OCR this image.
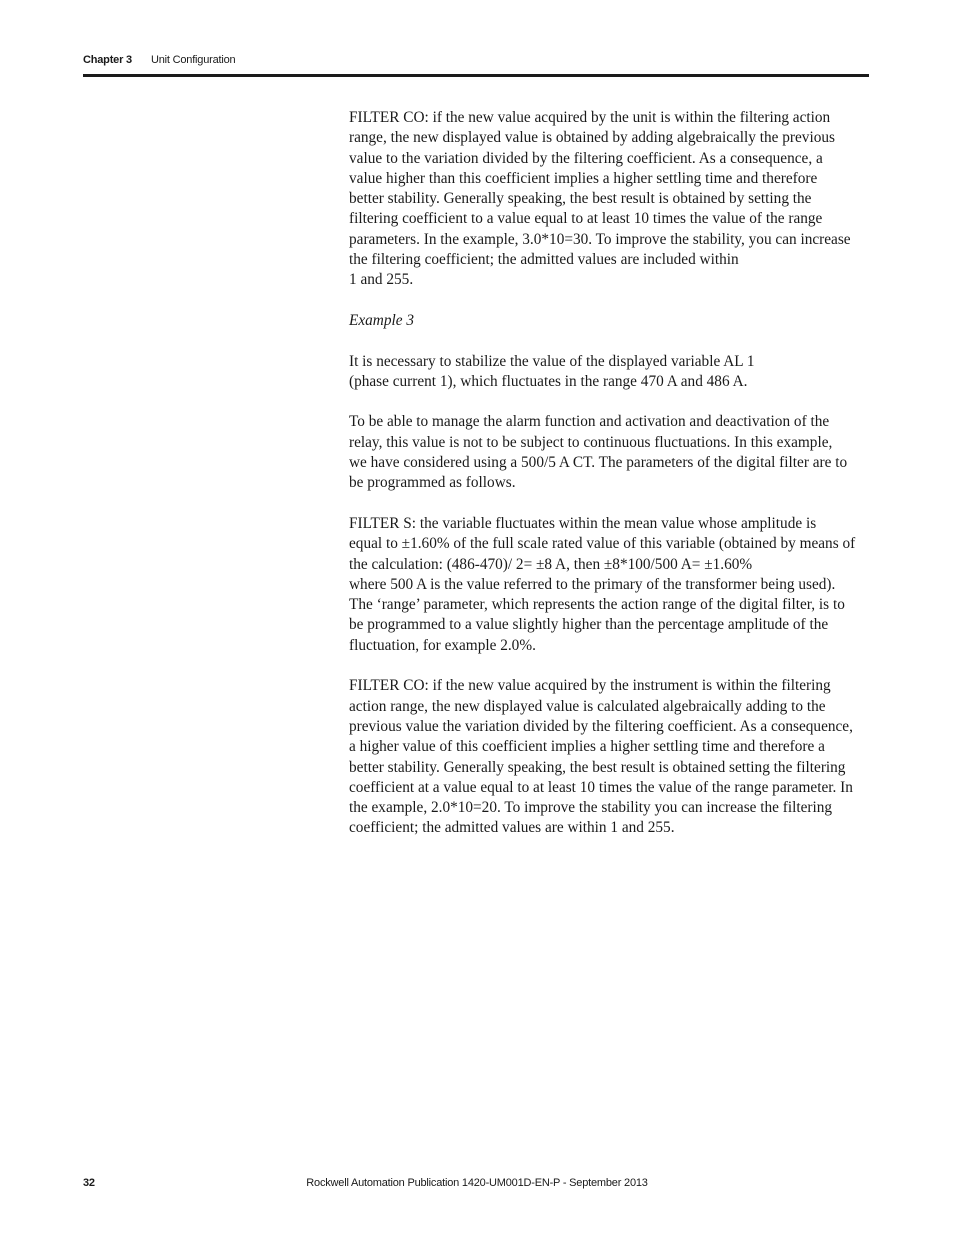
Chapter 3 Unit Configuration

FILTER CO: if the new value acquired by the unit is within the filtering action
range, the new displayed value is obtained by adding algebraically the previous
value to the variation divided by the filtering coefficient. As a consequence, a
value higher than this coefficient implies a higher settling time and therefore
better stability. Generally speaking, the best result is obtained by setting the
filtering coefficient to a value equal to at least 10 times the value of the range
parameters. In the example, 3.0*10=30. To improve the stability, you can increase
the filtering coefficient; the admitted values are included within
1 and 255.

Example 3

It is necessary to stabilize the value of the displayed variable AL 1
(phase current 1), which fluctuates in the range 470 A and 486 A.

To be able to manage the alarm function and activation and deactivation of the
relay, this value is not to be subject to continuous fluctuations. In this example,
we have considered using a 500/5 A CT. The parameters of the digital filter are to
be programmed as follows.

FILTER S: the variable fluctuates within the mean value whose amplitude is
equal to ±1.60% of the full scale rated value of this variable (obtained by means of
the calculation: (486-470)/ 2= ±8 A, then ±8*100/500 A= ±1.60%
where 500 A is the value referred to the primary of the transformer being used).
The ‘range’ parameter, which represents the action range of the digital filter, is to
be programmed to a value slightly higher than the percentage amplitude of the
fluctuation, for example 2.0%.

FILTER CO: if the new value acquired by the instrument is within the filtering
action range, the new displayed value is calculated algebraically adding to the
previous value the variation divided by the filtering coefficient. As a consequence,
a higher value of this coefficient implies a higher settling time and therefore a
better stability. Generally speaking, the best result is obtained setting the filtering
coefficient at a value equal to at least 10 times the value of the range parameter. In
the example, 2.0*10=20. To improve the stability you can increase the filtering
coefficient; the admitted values are within 1 and 255.

32	Rockwell Automation Publication 1420-UM001D-EN-P - September 2013
